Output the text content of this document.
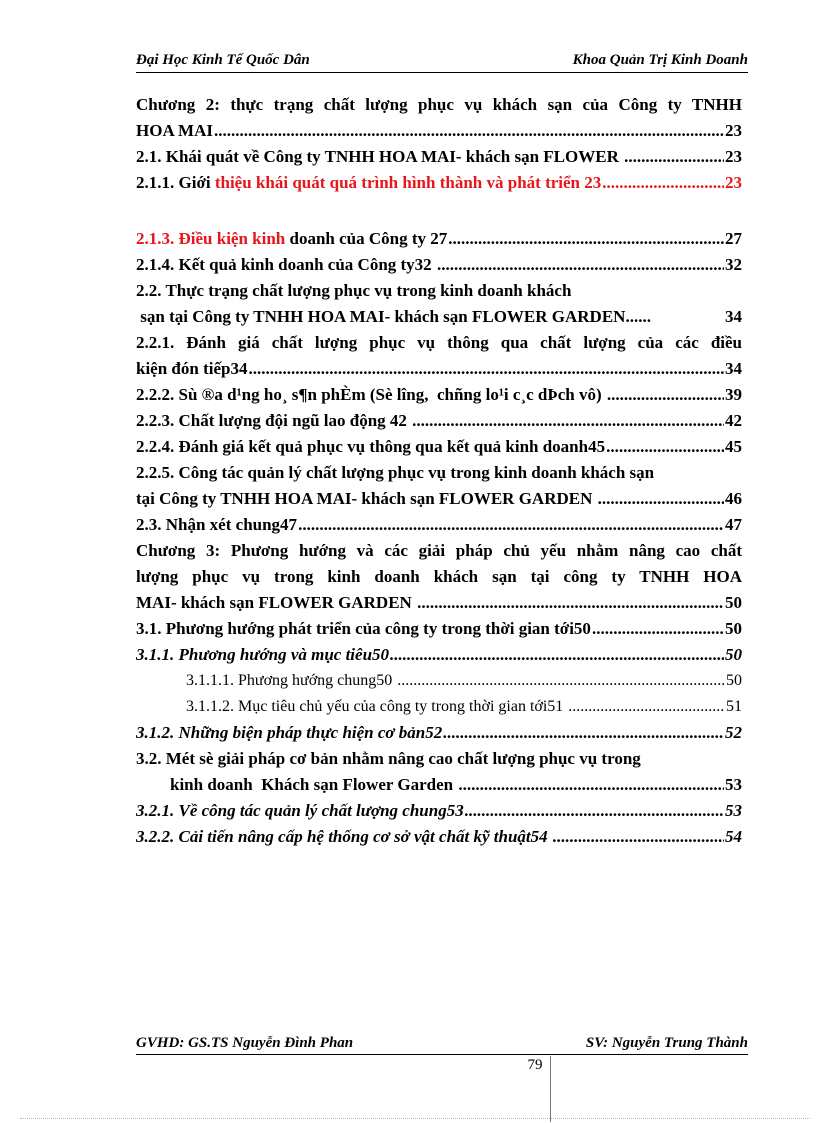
Đại Học Kinh Tế Quốc Dân	Khoa Quản Trị Kinh Doanh
Chương 2: thực trạng chất lượng phục vụ khách sạn của Công ty TNHH
HOA MAI .....	23
2.1. Khái quát về Công ty TNHH HOA MAI- khách sạn FLOWER .....	23
2.1.1. Giới thiệu khái quát quá trình hình thành và phát triển 23 .....	23
2.1.3. Điều kiện kinh doanh của Công ty 27 .....	27
2.1.4. Kết quả kinh doanh của Công ty32 .....	32
2.2. Thực trạng chất lượng phục vụ trong kinh doanh khách
sạn tại Công ty TNHH HOA MAI- khách sạn FLOWER GARDEN......	34
2.2.1. Đánh giá chất lượng phục vụ thông qua chất lượng của các điều
kiện đón tiếp34 .....	34
2.2.2. Sù ®a d¹ng ho¸ s¶n phÈm (Sè lîng,  chñng lo¹i c¸c dÞch vô) .....	39
2.2.3. Chất lượng đội ngũ lao động 42 .....	42
2.2.4. Đánh giá kết quả phục vụ thông qua kết quả kinh doanh45 .....	45
2.2.5. Công tác quản lý chất lượng phục vụ trong kinh doanh khách sạn
tại Công ty TNHH HOA MAI- khách sạn FLOWER GARDEN .....	46
2.3. Nhận xét chung47 .....	47
Chương 3: Phương hướng và các giải pháp chủ yếu nhằm nâng cao chất
lượng phục vụ trong kinh doanh khách sạn tại công ty TNHH HOA
MAI- khách sạn FLOWER GARDEN .....	50
3.1. Phương hướng phát triển của công ty trong thời gian tới50 .....	50
3.1.1. Phương hướng và mục tiêu50 .....	50
3.1.1.1. Phương hướng chung50 .....	50
3.1.1.2. Mục tiêu chủ yếu của công ty trong thời gian tới51 .....	51
3.1.2. Những biện pháp thực hiện cơ bản52 .....	52
3.2. Mét sè giải pháp cơ bản nhằm nâng cao chất lượng phục vụ trong
kinh doanh  Khách sạn Flower Garden .....	53
3.2.1. Về công tác quản lý chất lượng chung53 .....	53
3.2.2. Cải tiến nâng cấp hệ thống cơ sở vật chất kỹ thuật54 .....	54
GVHD: GS.TS Nguyễn Đình Phan	SV: Nguyễn Trung Thành
79
